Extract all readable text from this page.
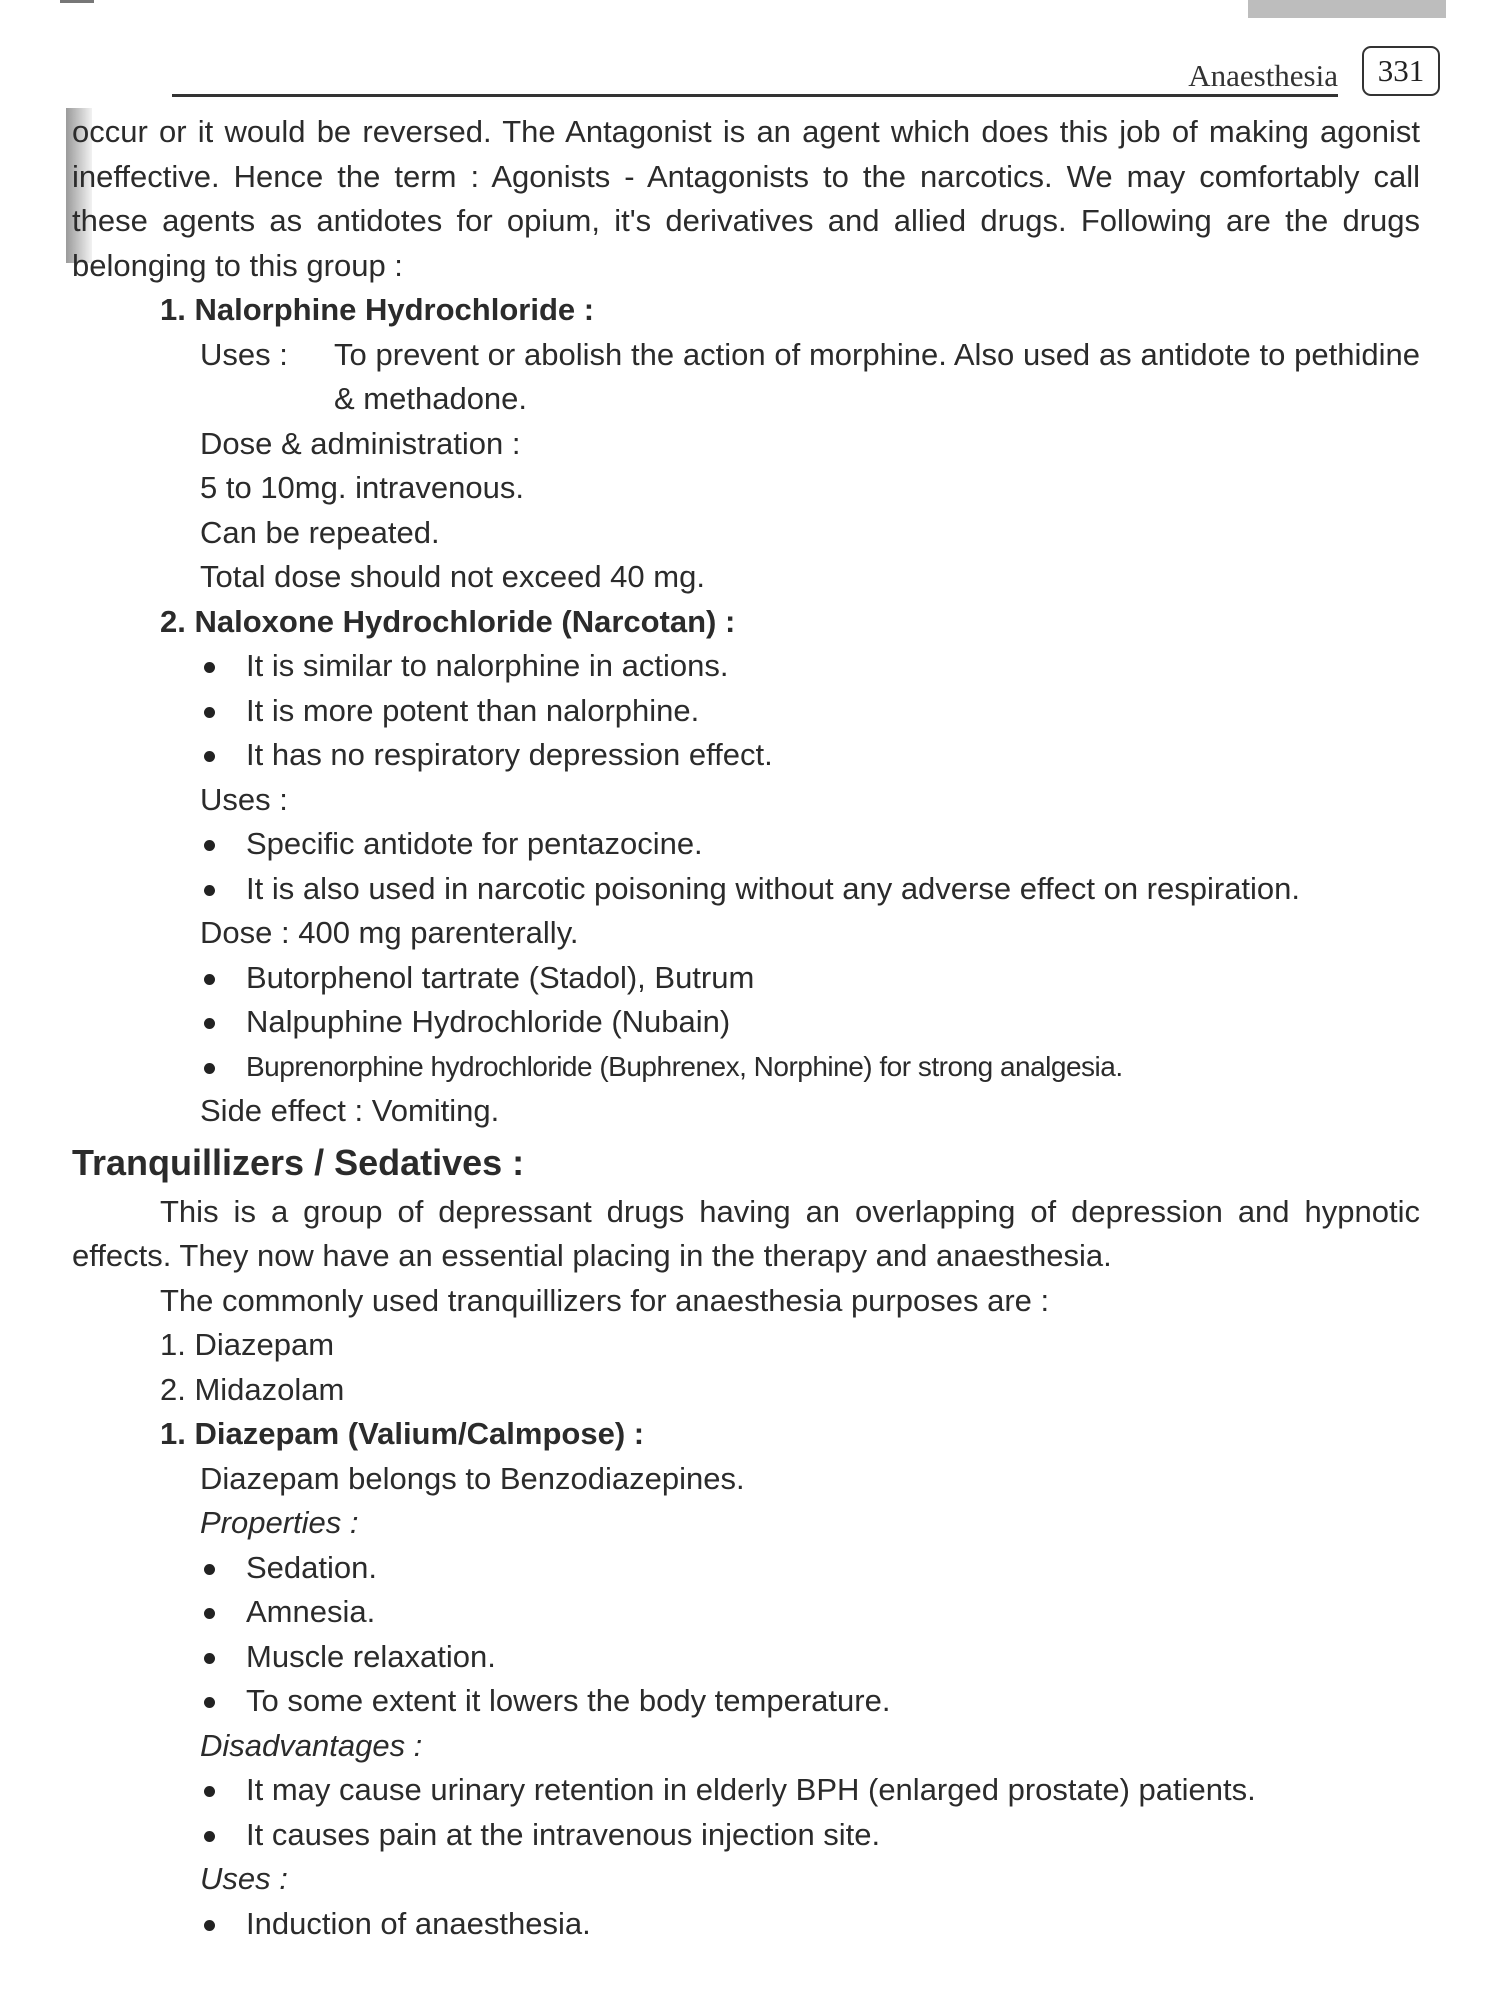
Anaesthesia	331

occur or it would be reversed. The Antagonist is an agent which does this job of making agonist ineffective. Hence the term : Agonists - Antagonists to the narcotics. We may comfortably call these agents as antidotes for opium, it's derivatives and allied drugs. Following are the drugs belonging to this group :

1. Nalorphine Hydrochloride :

Uses :	To prevent or abolish the action of morphine. Also used as antidote to pethidine & methadone.

Dose & administration :

5 to 10mg. intravenous.

Can be repeated.

Total dose should not exceed 40 mg.

2. Naloxone Hydrochloride (Narcotan) :

It is similar to nalorphine in actions.

It is more potent than nalorphine.

It has no respiratory depression effect.

Uses :

Specific antidote for pentazocine.

It is also used in narcotic poisoning without any adverse effect on respiration.

Dose : 400 mg parenterally.

Butorphenol tartrate (Stadol), Butrum

Nalpuphine Hydrochloride (Nubain)

Buprenorphine hydrochloride (Buphrenex, Norphine) for strong analgesia.

Side effect : Vomiting.

Tranquillizers / Sedatives :

This is a group of depressant drugs having an overlapping of depression and hypnotic effects. They now have an essential placing in the therapy and anaesthesia.

The commonly used tranquillizers for anaesthesia purposes are :

1. Diazepam

2. Midazolam

1. Diazepam (Valium/Calmpose) :

Diazepam belongs to Benzodiazepines.

Properties :

Sedation.

Amnesia.

Muscle relaxation.

To some extent it lowers the body temperature.

Disadvantages :

It may cause urinary retention in elderly BPH (enlarged prostate) patients.

It causes pain at the intravenous injection site.

Uses :

Induction of anaesthesia.
